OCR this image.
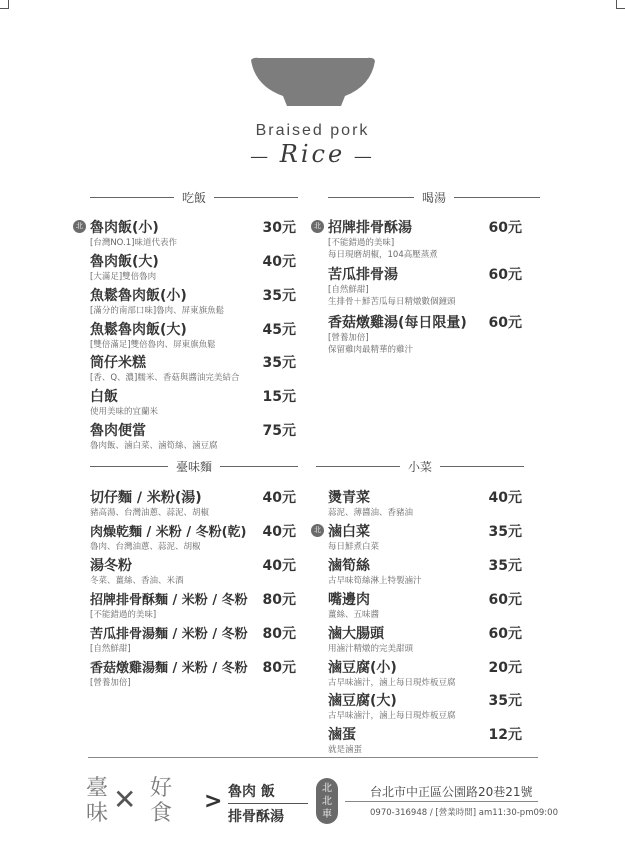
Braised pork
— Rice —
吃飯	喝湯
臺味麵	小菜
北 魯肉飯(小)	30元
[台灣NO.1]味道代表作
魯肉飯(大)	40元
[大滿足]雙倍魯肉
魚鬆魯肉飯(小)	35元
[滿分的南部口味]魯肉、屏東旗魚鬆
魚鬆魯肉飯(大)	45元
[雙倍滿足]雙倍魯肉、屏東旗魚鬆
筒仔米糕	35元
[香、Q、濃]糯米、香菇與醬油完美結合
白飯	15元
使用美味的宜蘭米
魯肉便當	75元
魯肉飯、滷白菜、滷筍絲、滷豆腐
北 招牌排骨酥湯	60元
[不能錯過的美味]
每日現磨胡椒，104高壓蒸煮
苦瓜排骨湯	60元
[自然鮮甜]
生排骨＋鮮苦瓜每日精燉數個鐘頭
香菇燉雞湯(每日限量) 60元
[營養加倍]
保留雞肉最精華的雞汁
切仔麵 / 米粉(湯)	40元
豬高湯、台灣油蔥、蒜泥、胡椒
肉燥乾麵 / 米粉 / 冬粉(乾) 40元
魯肉、台灣油蔥、蒜泥、胡椒
湯冬粉	40元
冬菜、薑絲、香油、米酒
招牌排骨酥麵 / 米粉 / 冬粉 80元
[不能錯過的美味]
苦瓜排骨湯麵 / 米粉 / 冬粉 80元
[自然鮮甜]
香菇燉雞湯麵 / 米粉 / 冬粉 80元
[營養加倍]
燙青菜	40元
蒜泥、薄醬油、香豬油
北 滷白菜	35元
每日鮮煮白菜
滷筍絲	35元
古早味筍絲淋上特製滷汁
嘴邊肉	60元
薑絲、五味醬
滷大腸頭	60元
用滷汁精燉的完美甜頭
滷豆腐(小)	20元
古早味滷汁，滷上每日現炸板豆腐
滷豆腐(大)	35元
古早味滷汁，滷上每日現炸板豆腐
滷蛋	12元
就是滷蛋
臺
味
好
食
✕	> 魯肉 飯
排骨酥湯
北
北
車
台北市中正區公園路20巷21號
0970-316948 / [營業時間] am11:30-pm09:00
